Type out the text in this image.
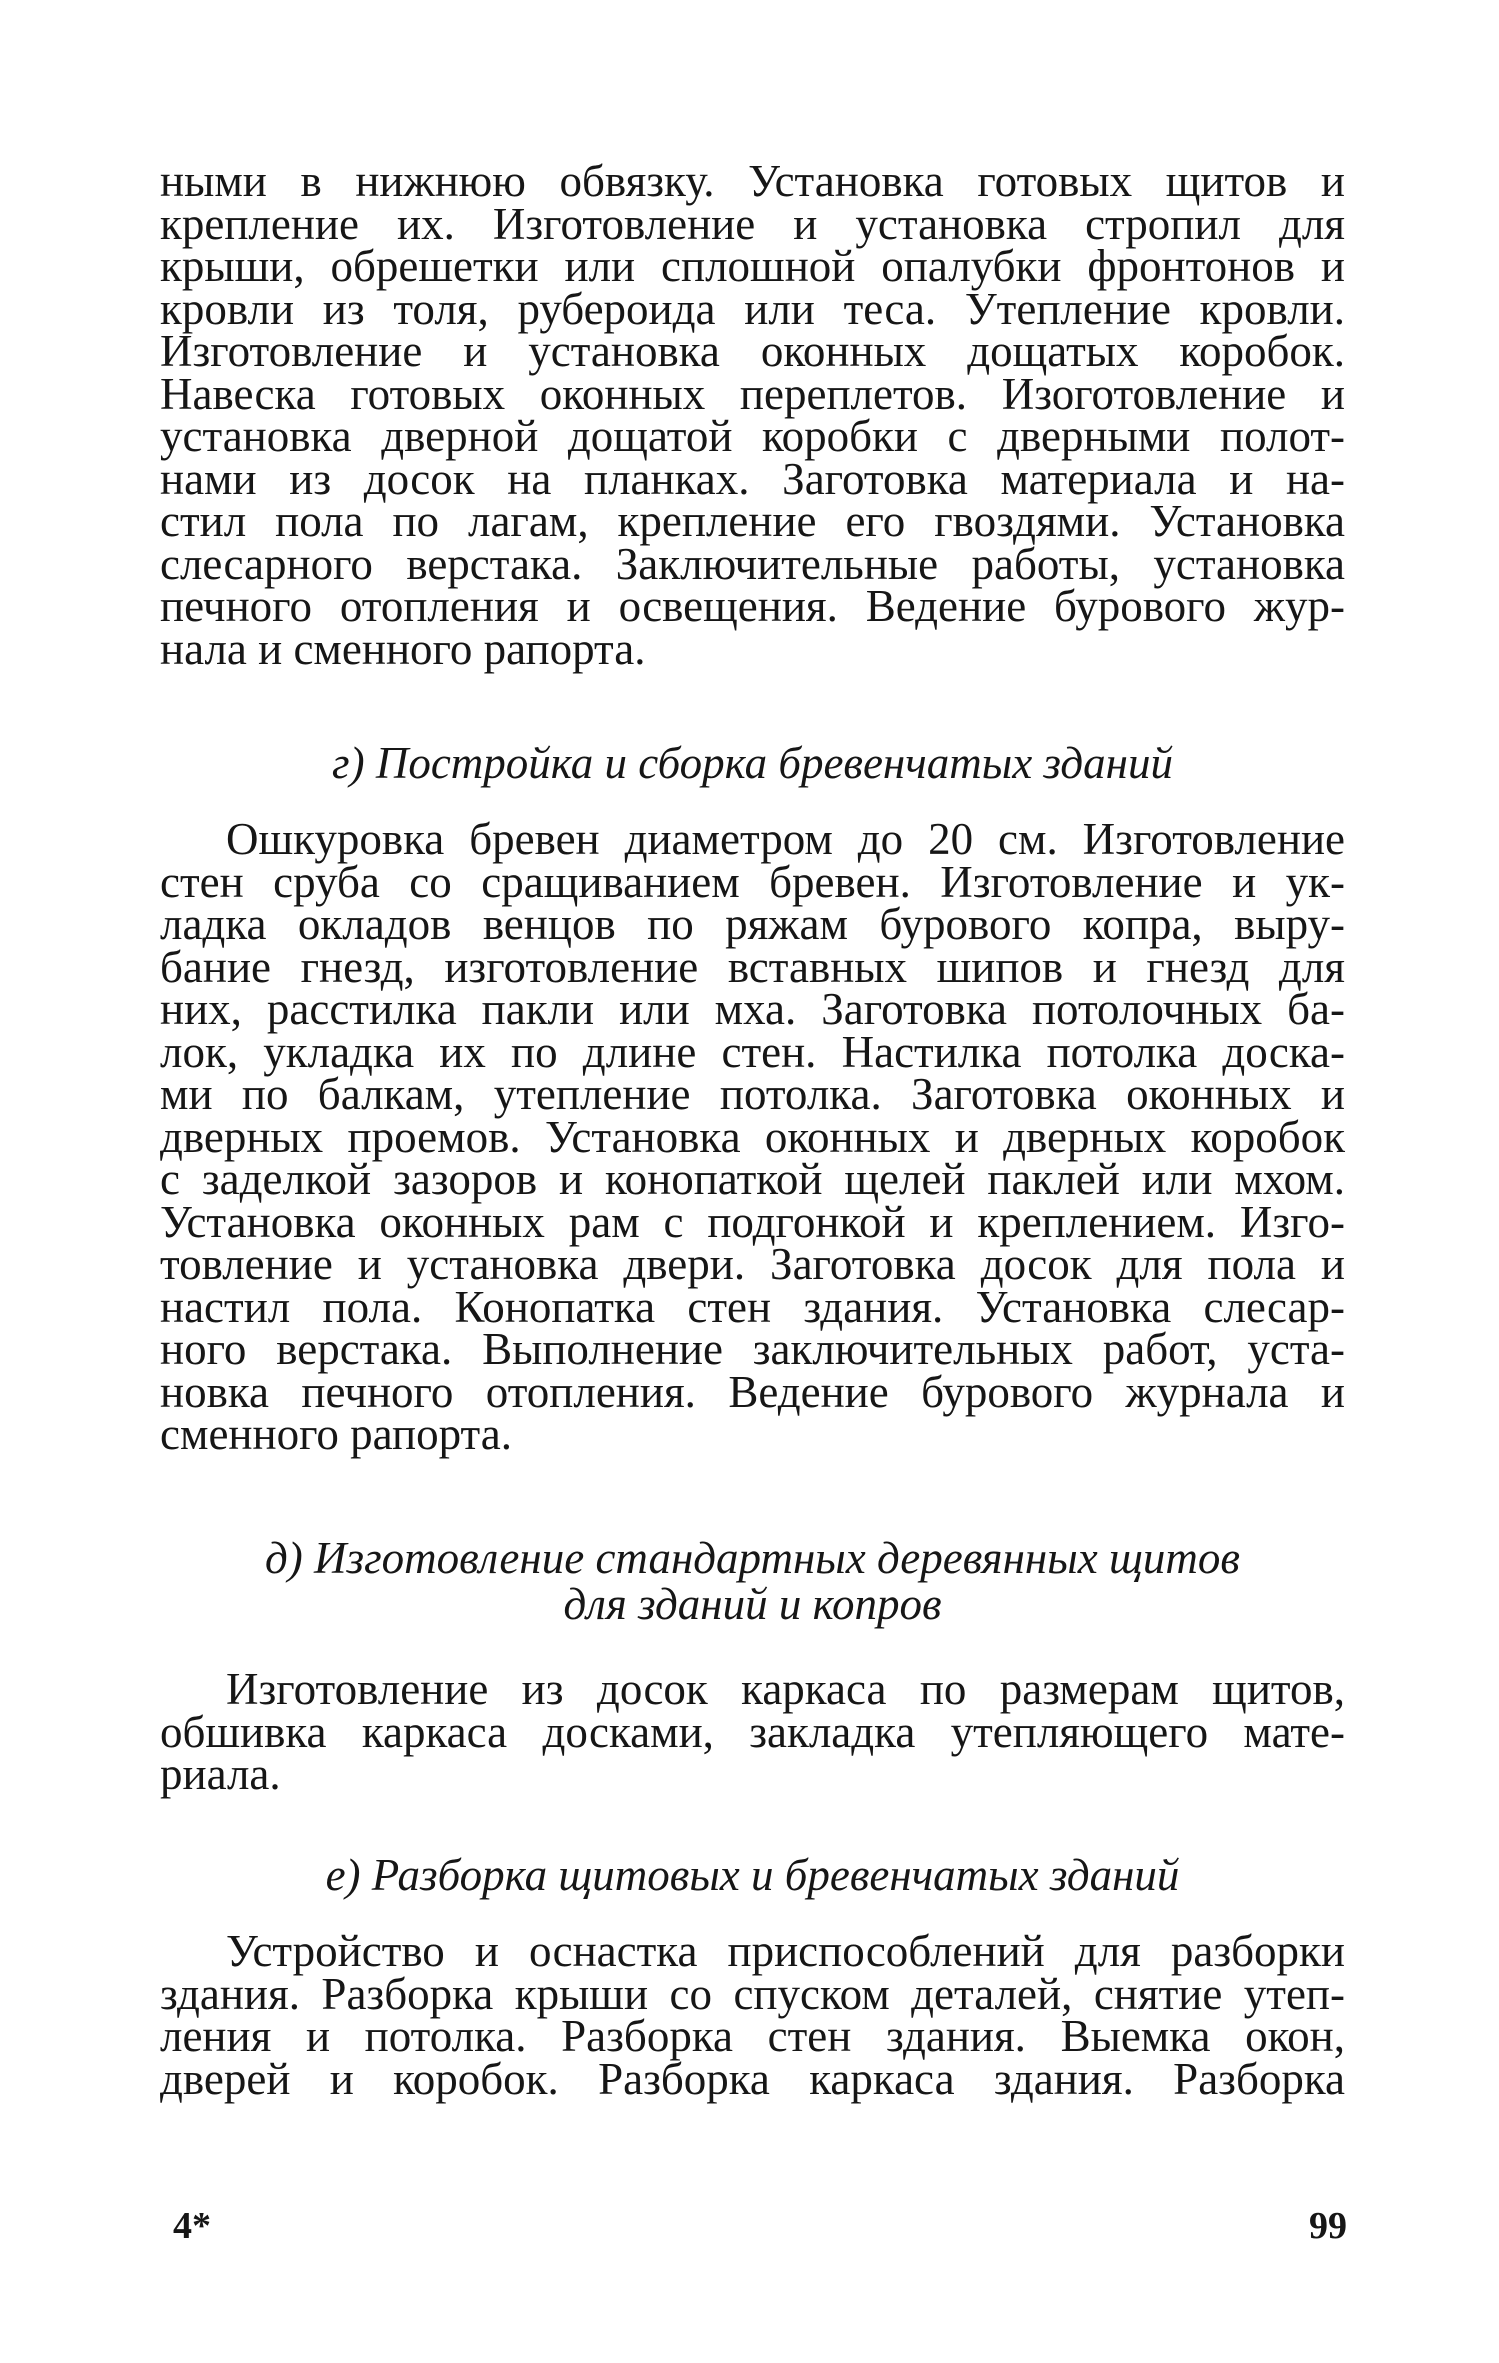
ными в нижнюю обвязку. Установка готовых щитов и
крепление их. Изготовление и установка стропил для
крыши, обрешетки или сплошной опалубки фронтонов и
кровли из толя, рубероида или теса. Утепление кровли.
Изготовление и установка оконных дощатых коробок.
Навеска готовых оконных переплетов. Изоготовление и
установка дверной дощатой коробки с дверными полот-
нами из досок на планках. Заготовка материала и на-
стил пола по лагам, крепление его гвоздями. Установка
слесарного верстака. Заключительные работы, установка
печного отопления и освещения. Ведение бурового жур-
нала и сменного рапорта.
г) Постройка и сборка бревенчатых зданий
Ошкуровка бревен диаметром до 20 см. Изготовление
стен сруба со сращиванием бревен. Изготовление и ук-
ладка окладов венцов по ряжам бурового копра, выру-
бание гнезд, изготовление вставных шипов и гнезд для
них, расстилка пакли или мха. Заготовка потолочных ба-
лок, укладка их по длине стен. Настилка потолка доска-
ми по балкам, утепление потолка. Заготовка оконных и
дверных проемов. Установка оконных и дверных коробок
с заделкой зазоров и конопаткой щелей паклей или мхом.
Установка оконных рам с подгонкой и креплением. Изго-
товление и установка двери. Заготовка досок для пола и
настил пола. Конопатка стен здания. Установка слесар-
ного верстака. Выполнение заключительных работ, уста-
новка печного отопления. Ведение бурового журнала и
сменного рапорта.
д) Изготовление стандартных деревянных щитов
для зданий и копров
Изготовление из досок каркаса по размерам щитов,
обшивка каркаса досками, закладка утепляющего мате-
риала.
е) Разборка щитовых и бревенчатых зданий
Устройство и оснастка приспособлений для разборки
здания. Разборка крыши со спуском деталей, снятие утеп-
ления и потолка. Разборка стен здания. Выемка окон,
дверей и коробок. Разборка каркаса здания. Разборка
4*	99
